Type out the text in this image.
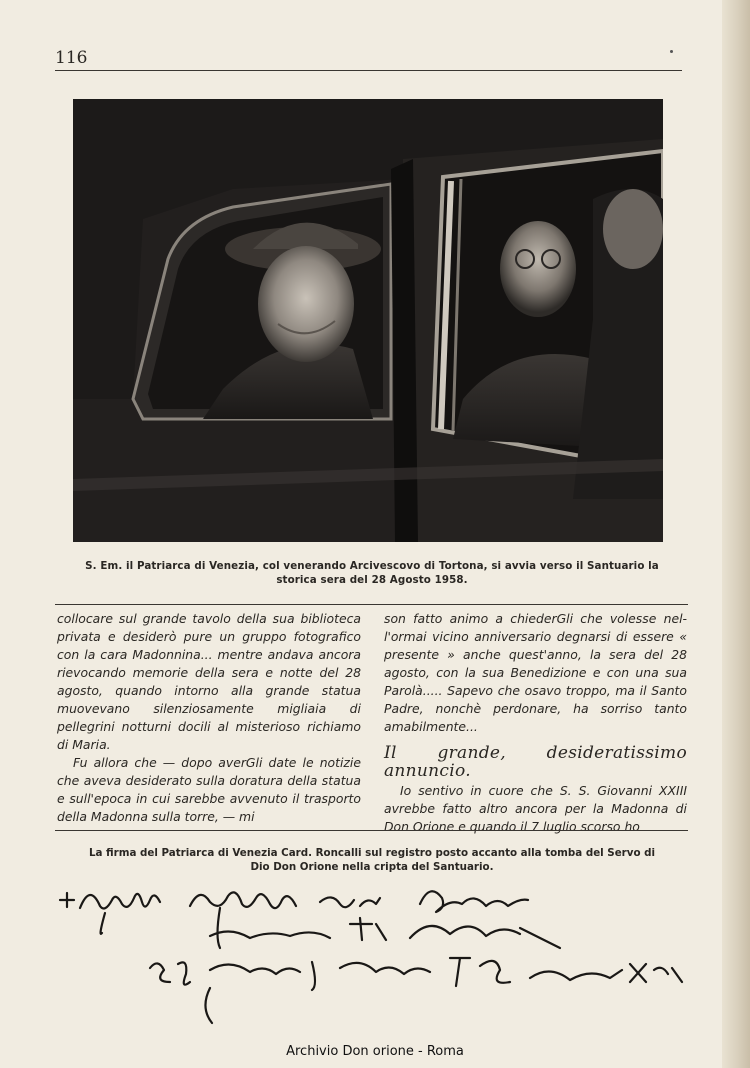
116
S. Em. il Patriarca di Venezia, col venerando Arcivescovo di Tortona, si avvia verso il Santuario la storica sera del 28 Agosto 1958.

collocare sul grande tavolo della sua biblioteca privata e desiderò pure un gruppo fotografico con la cara Madonnina... mentre andava ancora rievocando memorie della sera e notte del 28 agosto, quando intorno alla grande statua muovevano silenziosamente migliaia di pellegrini notturni docili al misterioso richiamo di Maria.

Fu allora che — dopo averGli date le notizie che aveva desiderato sulla doratura della statua e sull'epoca in cui sarebbe avvenuto il trasporto della Madonna sulla torre, — mi

son fatto animo a chiederGli che volesse nell'ormai vicino anniversario degnarsi di essere « presente » anche quest'anno, la sera del 28 agosto, con la sua Benedizione e con una sua Parolà..... Sapevo che osavo troppo, ma il Santo Padre, nonchè perdonare, ha sorriso tanto amabilmente...

Il grande, desideratissimo annuncio.

Io sentivo in cuore che S. S. Giovanni XXIII avrebbe fatto altro ancora per la Madonna di Don Orione e quando il 7 luglio scorso ho

La firma del Patriarca di Venezia Card. Roncalli sul registro posto accanto alla tomba del Servo di Dio Don Orione nella cripta del Santuario.
Archivio Don orione - Roma
